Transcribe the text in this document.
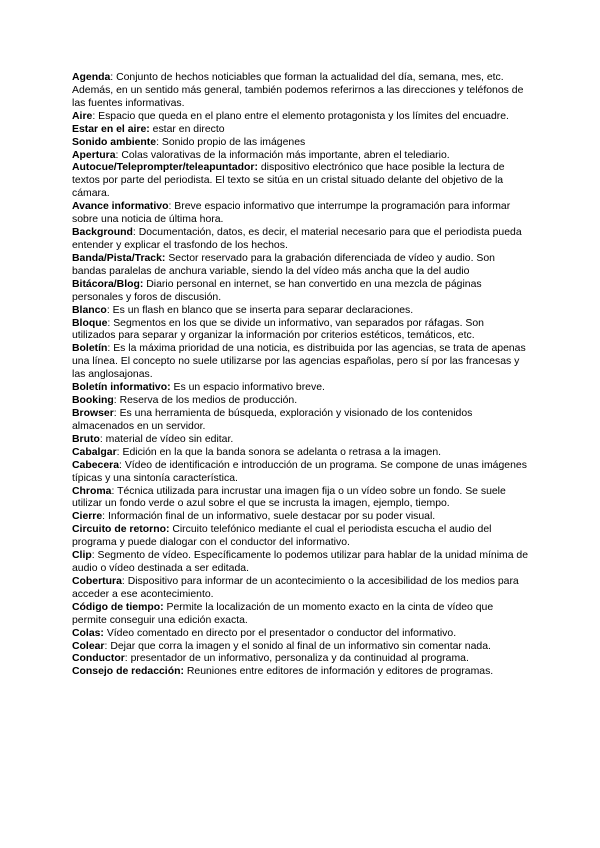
Agenda: Conjunto de hechos noticiables que forman la actualidad del día, semana, mes, etc. Además, en un sentido más general, también podemos referirnos a las direcciones y teléfonos de las fuentes informativas.

Aire: Espacio que queda en el plano entre el elemento protagonista y los límites del encuadre.

Estar en el aire: estar en directo

Sonido ambiente: Sonido propio de las imágenes

Apertura: Colas valorativas de la información más importante, abren el telediario.

Autocue/Teleprompter/teleapuntador: dispositivo electrónico que hace posible la lectura de textos por parte del periodista. El texto se sitúa en un cristal situado delante del objetivo de la cámara.

Avance informativo: Breve espacio informativo que interrumpe la programación para informar sobre una noticia de última hora.

Background: Documentación, datos, es decir, el material necesario para que el periodista pueda entender y explicar el trasfondo de los hechos.

Banda/Pista/Track: Sector reservado para la grabación diferenciada de vídeo y audio. Son bandas paralelas de anchura variable, siendo la del vídeo más ancha que la del audio

Bitácora/Blog: Diario personal en internet, se han convertido en una mezcla de páginas personales y foros de discusión.

Blanco: Es un flash en blanco que se inserta para separar declaraciones.

Bloque: Segmentos en los que se divide un informativo, van separados por ráfagas. Son utilizados para separar y organizar la información por criterios estéticos, temáticos, etc.

Boletín: Es la máxima prioridad de una noticia, es distribuida por las agencias, se trata de apenas una línea. El concepto no suele utilizarse por las agencias españolas, pero sí por las francesas y las anglosajonas.

Boletín informativo: Es un espacio informativo breve.

Booking: Reserva de los medios de producción.

Browser: Es una herramienta de búsqueda, exploración y visionado de los contenidos almacenados en un servidor.

Bruto: material de vídeo sin editar.

Cabalgar: Edición en la que la banda sonora se adelanta o retrasa a la imagen.

Cabecera: Vídeo de identificación e introducción de un programa. Se compone de unas imágenes típicas y una sintonía característica.

Chroma: Técnica utilizada para incrustar una imagen fija o un vídeo sobre un fondo. Se suele utilizar un fondo verde o azul sobre el que se incrusta la imagen, ejemplo, tiempo.

Cierre: Información final de un informativo, suele destacar por su poder visual.

Circuito de retorno: Circuito telefónico mediante el cual el periodista escucha el audio del programa y puede dialogar con el conductor del informativo.

Clip: Segmento de vídeo. Específicamente lo podemos utilizar para hablar de la unidad mínima de audio o vídeo destinada a ser editada.

Cobertura: Dispositivo para informar de un acontecimiento o la accesibilidad de los medios para acceder a ese acontecimiento.

Código de tiempo: Permite la localización de un momento exacto en la cinta de vídeo que permite conseguir una edición exacta.

Colas: Vídeo comentado en directo por el presentador o conductor del informativo.

Colear: Dejar que corra la imagen y el sonido al final de un informativo sin comentar nada.

Conductor: presentador de un informativo, personaliza y da continuidad al programa.

Consejo de redacción: Reuniones entre editores de información y editores de programas.
